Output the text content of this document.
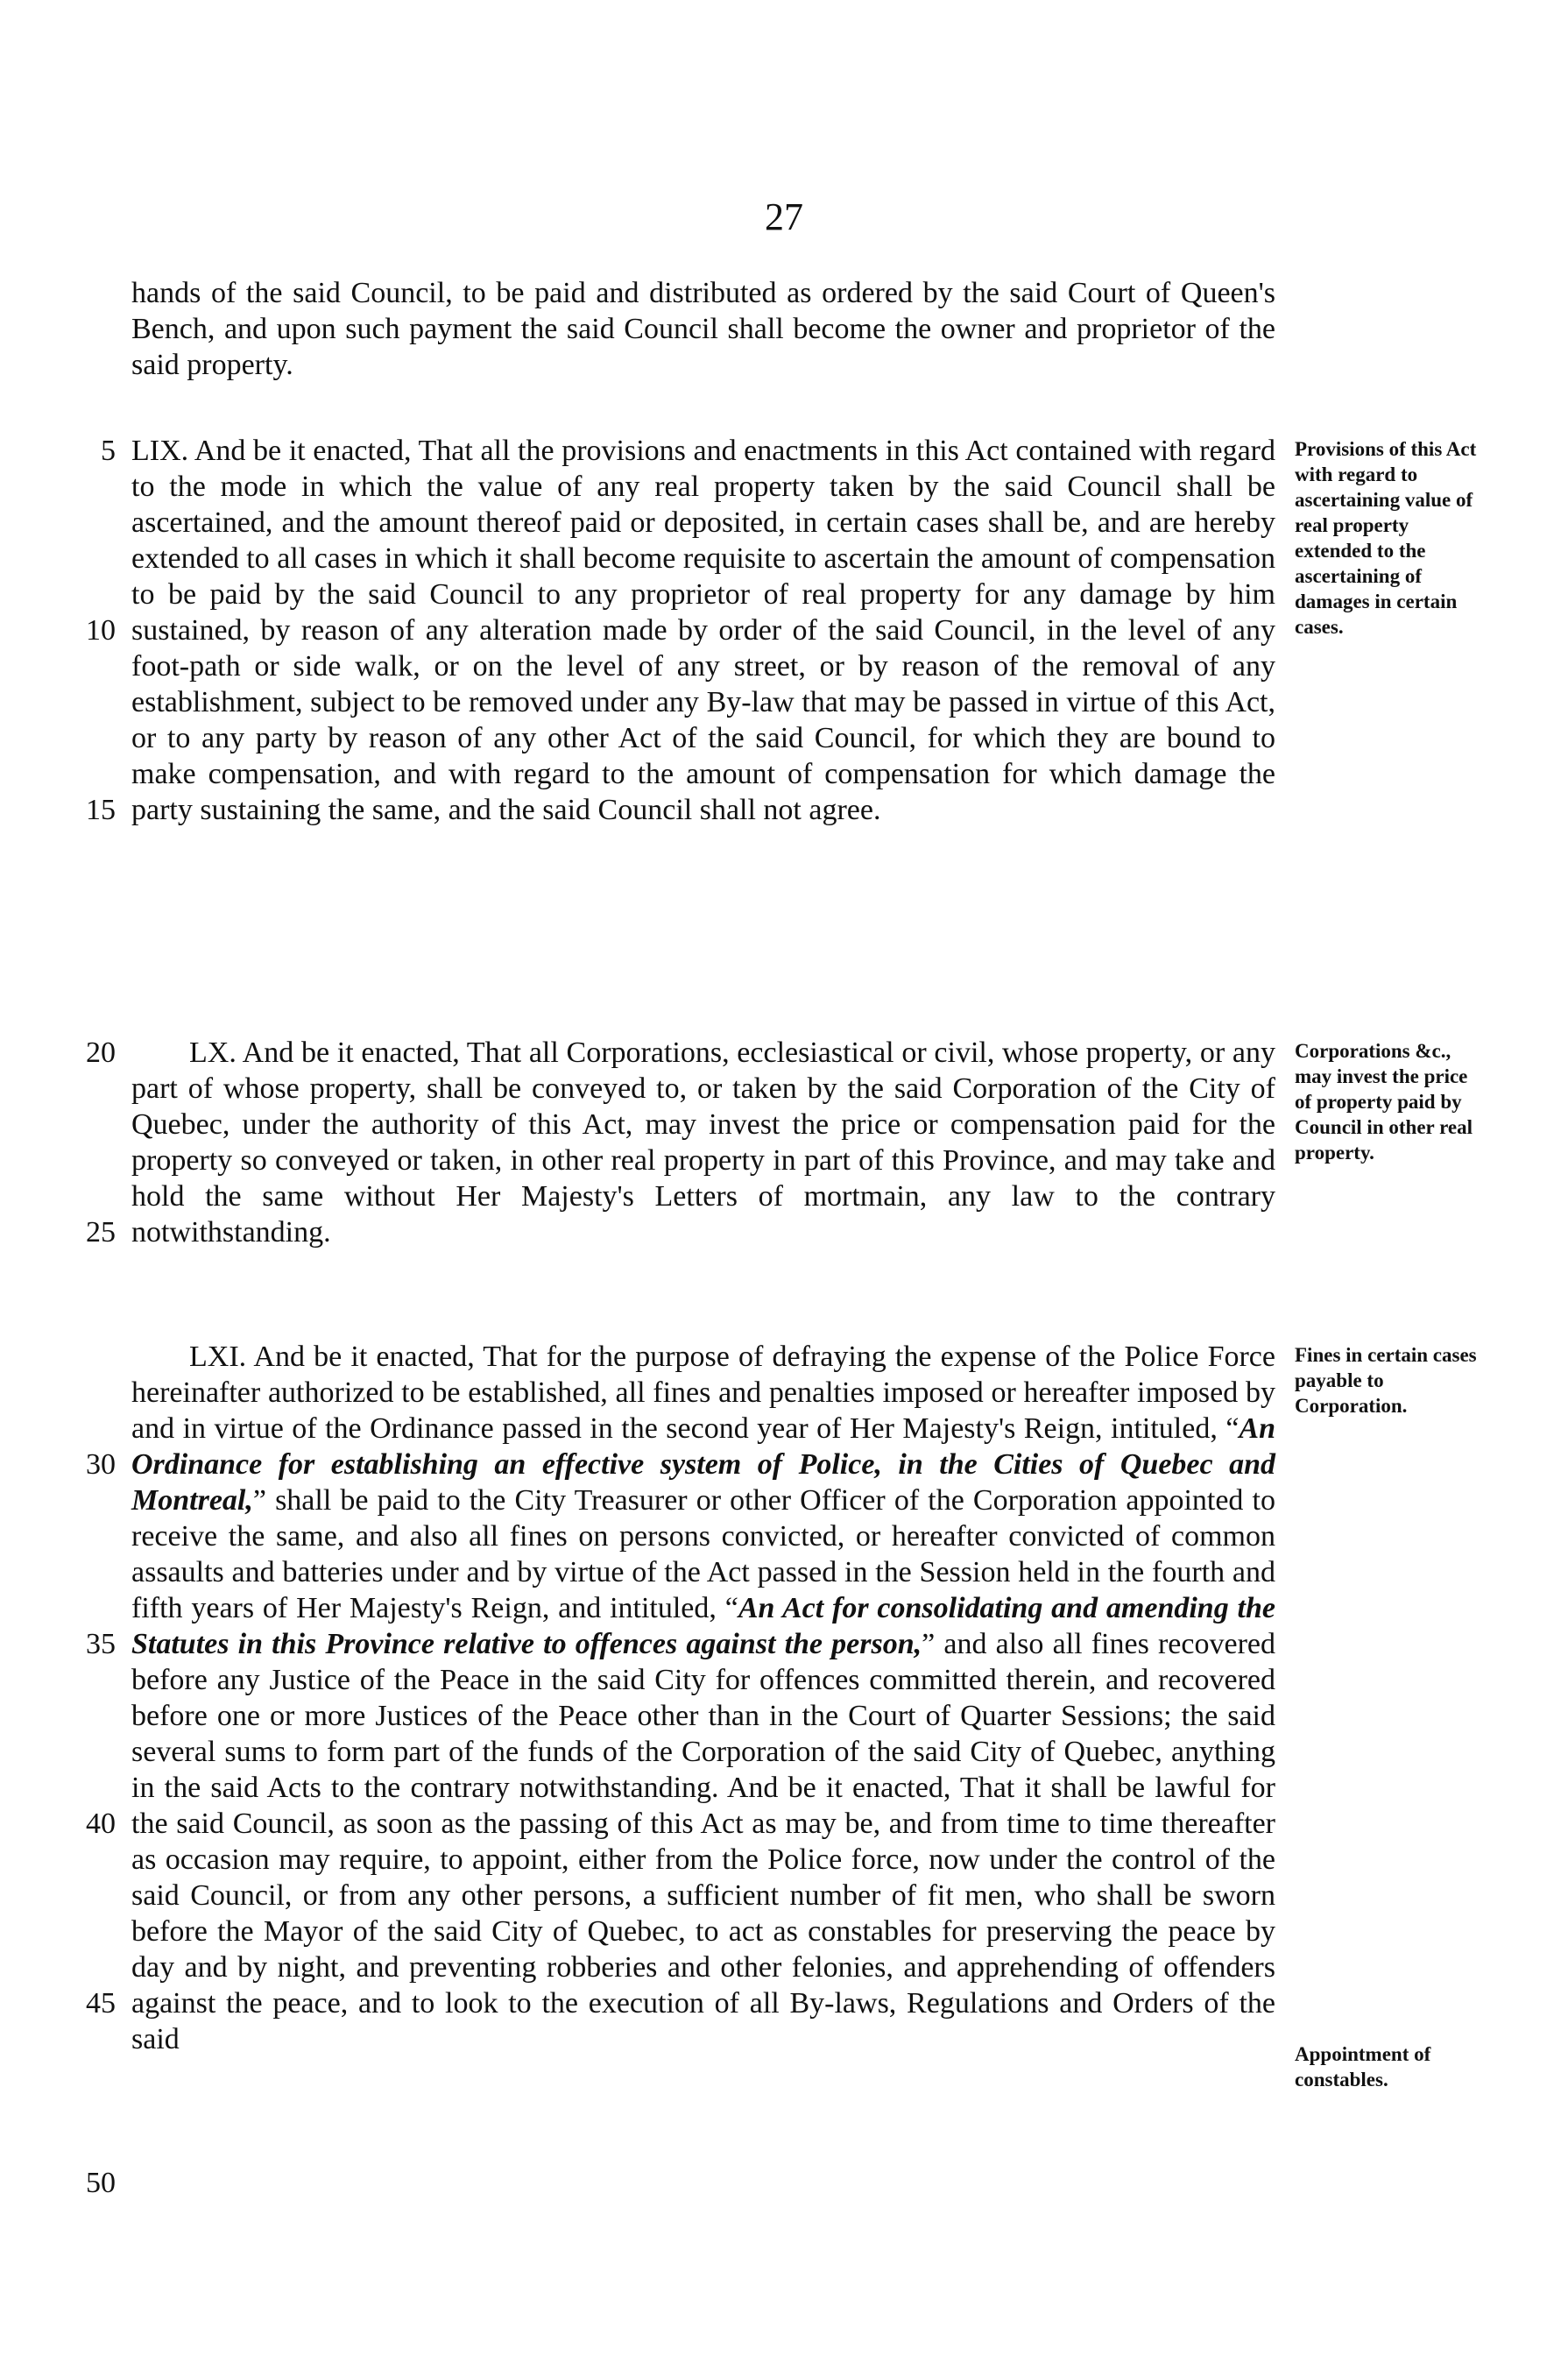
27
hands of the said Council, to be paid and distributed as ordered by the said Court of Queen's Bench, and upon such payment the said Council shall become the owner and proprietor of the said property.
LIX. And be it enacted, That all the provisions and enactments in this Act contained with regard to the mode in which the value of any real property taken by the said Council shall be ascertained, and the amount thereof paid or deposited, in certain cases shall be, and are hereby extended to all cases in which it shall become requisite to ascertain the amount of compensation to be paid by the said Council to any proprietor of real property for any damage by him sustained, by reason of any alteration made by order of the said Council, in the level of any foot-path or side walk, or on the level of any street, or by reason of the removal of any establishment, subject to be removed under any By-law that may be passed in virtue of this Act, or to any party by reason of any other Act of the said Council, for which they are bound to make compensation, and with regard to the amount of compensation for which damage the party sustaining the same, and the said Council shall not agree.
Provisions of this Act with regard to ascertaining value of real property extended to the ascertaining of damages in certain cases.
LX. And be it enacted, That all Corporations, ecclesiastical or civil, whose property, or any part of whose property, shall be conveyed to, or taken by the said Corporation of the City of Quebec, under the authority of this Act, may invest the price or compensation paid for the property so conveyed or taken, in other real property in part of this Province, and may take and hold the same without Her Majesty's Letters of mortmain, any law to the contrary notwithstanding.
Corporations &c., may invest the price of property paid by Council in other real property.
LXI. And be it enacted, That for the purpose of defraying the expense of the Police Force hereinafter authorized to be established, all fines and penalties imposed or hereafter imposed by and in virtue of the Ordinance passed in the second year of Her Majesty's Reign, intituled, “An Ordinance for establishing an effective system of Police, in the Cities of Quebec and Montreal,” shall be paid to the City Treasurer or other Officer of the Corporation appointed to receive the same, and also all fines on persons convicted, or hereafter convicted of common assaults and batteries under and by virtue of the Act passed in the Session held in the fourth and fifth years of Her Majesty's Reign, and intituled, “An Act for consolidating and amending the Statutes in this Province relative to offences against the person,” and also all fines recovered before any Justice of the Peace in the said City for offences committed therein, and recovered before one or more Justices of the Peace other than in the Court of Quarter Sessions; the said several sums to form part of the funds of the Corporation of the said City of Quebec, anything in the said Acts to the contrary notwithstanding. And be it enacted, That it shall be lawful for the said Council, as soon as the passing of this Act as may be, and from time to time thereafter as occasion may require, to appoint, either from the Police force, now under the control of the said Council, or from any other persons, a sufficient number of fit men, who shall be sworn before the Mayor of the said City of Quebec, to act as constables for preserving the peace by day and by night, and preventing robberies and other felonies, and apprehending of offenders against the peace, and to look to the execution of all By-laws, Regulations and Orders of the said
Fines in certain cases payable to Corporation.
Appointment of constables.
5
10
15
20
25
30
35
40
45
50
